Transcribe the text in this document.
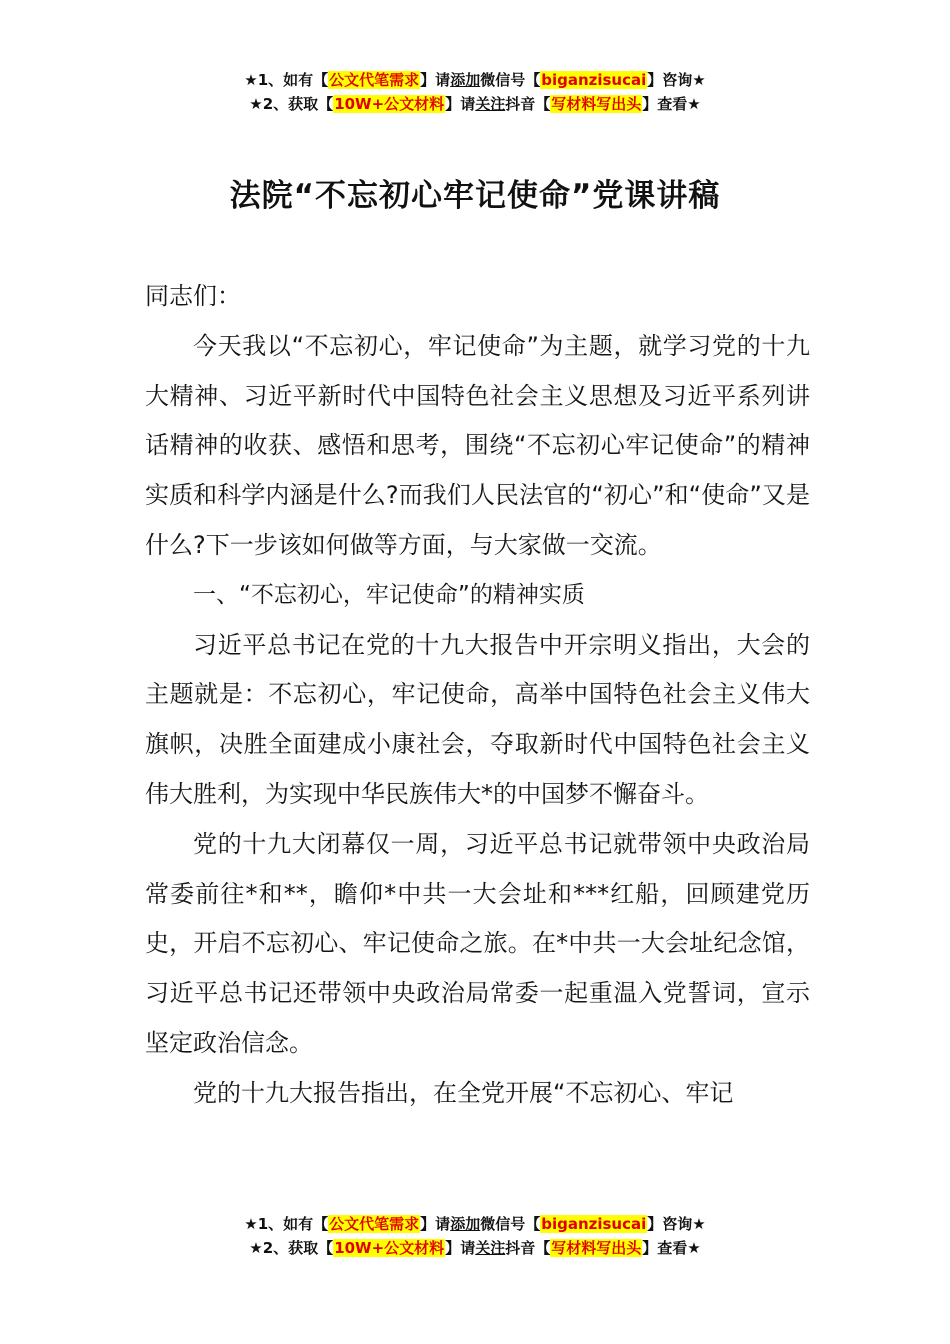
★1、如有【公文代笔需求】请添加微信号【biganzisucai】咨询★
★2、获取【10W+公文材料】请关注抖音【写材料写出头】查看★
法院“不忘初心牢记使命”党课讲稿

同志们：

今天我以“不忘初心，牢记使命”为主题，就学习党的十九大精神、习近平新时代中国特色社会主义思想及习近平系列讲话精神的收获、感悟和思考，围绕“不忘初心牢记使命”的精神实质和科学内涵是什么?而我们人民法官的“初心”和“使命”又是什么?下一步该如何做等方面，与大家做一交流。

一、“不忘初心，牢记使命”的精神实质

习近平总书记在党的十九大报告中开宗明义指出，大会的主题就是：不忘初心，牢记使命，高举中国特色社会主义伟大旗帜，决胜全面建成小康社会，夺取新时代中国特色社会主义伟大胜利，为实现中华民族伟大*的中国梦不懈奋斗。

党的十九大闭幕仅一周，习近平总书记就带领中央政治局常委前往*和**，瞻仰*中共一大会址和***红船，回顾建党历史，开启不忘初心、牢记使命之旅。在*中共一大会址纪念馆，习近平总书记还带领中央政治局常委一起重温入党誓词，宣示坚定政治信念。

党的十九大报告指出，在全党开展“不忘初心、牢记

★1、如有【公文代笔需求】请添加微信号【biganzisucai】咨询★
★2、获取【10W+公文材料】请关注抖音【写材料写出头】查看★
